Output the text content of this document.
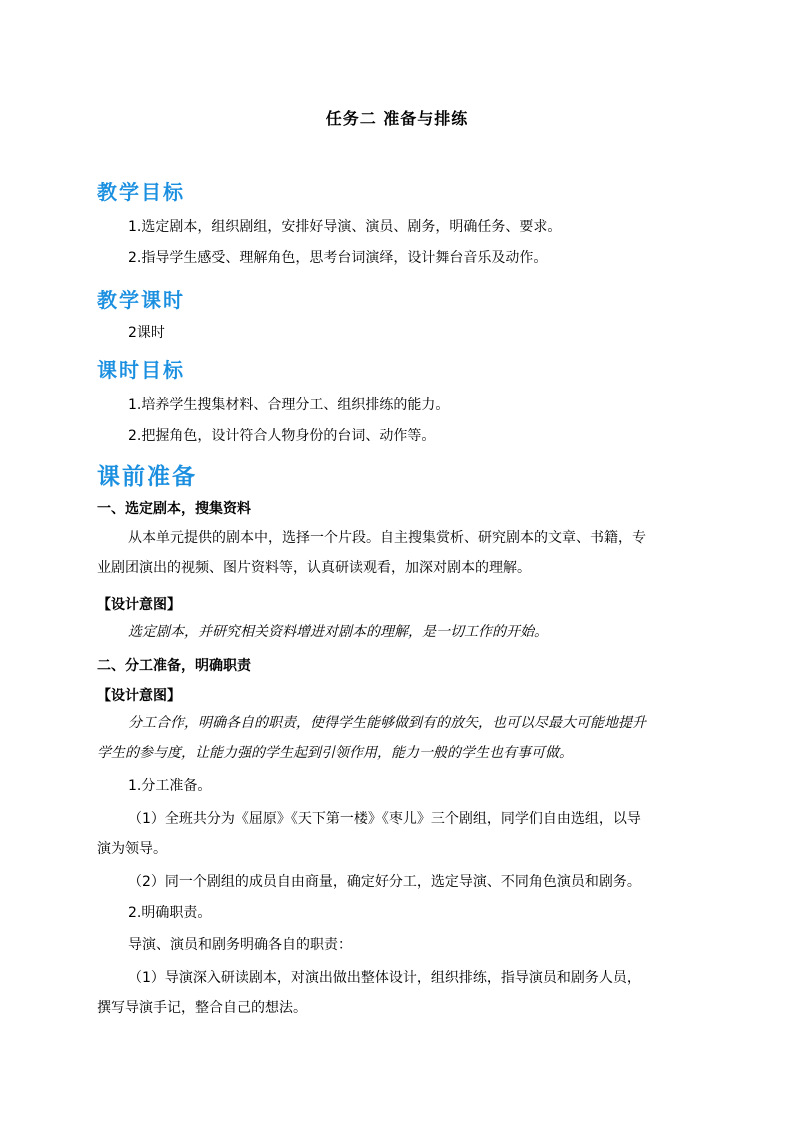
任务二 准备与排练
教学目标
1.选定剧本，组织剧组，安排好导演、演员、剧务，明确任务、要求。
2.指导学生感受、理解角色，思考台词演绎，设计舞台音乐及动作。
教学课时
2课时
课时目标
1.培养学生搜集材料、合理分工、组织排练的能力。
2.把握角色，设计符合人物身份的台词、动作等。
课前准备
一、选定剧本，搜集资料
从本单元提供的剧本中，选择一个片段。自主搜集赏析、研究剧本的文章、书籍，专
业剧团演出的视频、图片资料等，认真研读观看，加深对剧本的理解。
【设计意图】
选定剧本，并研究相关资料增进对剧本的理解，是一切工作的开始。
二、分工准备，明确职责
【设计意图】
分工合作，明确各自的职责，使得学生能够做到有的放矢，也可以尽最大可能地提升
学生的参与度，让能力强的学生起到引领作用，能力一般的学生也有事可做。
1.分工准备。
（1）全班共分为《屈原》《天下第一楼》《枣儿》三个剧组，同学们自由选组，以导
演为领导。
（2）同一个剧组的成员自由商量，确定好分工，选定导演、不同角色演员和剧务。
2.明确职责。
导演、演员和剧务明确各自的职责：
（1）导演深入研读剧本，对演出做出整体设计，组织排练，指导演员和剧务人员，
撰写导演手记，整合自己的想法。
